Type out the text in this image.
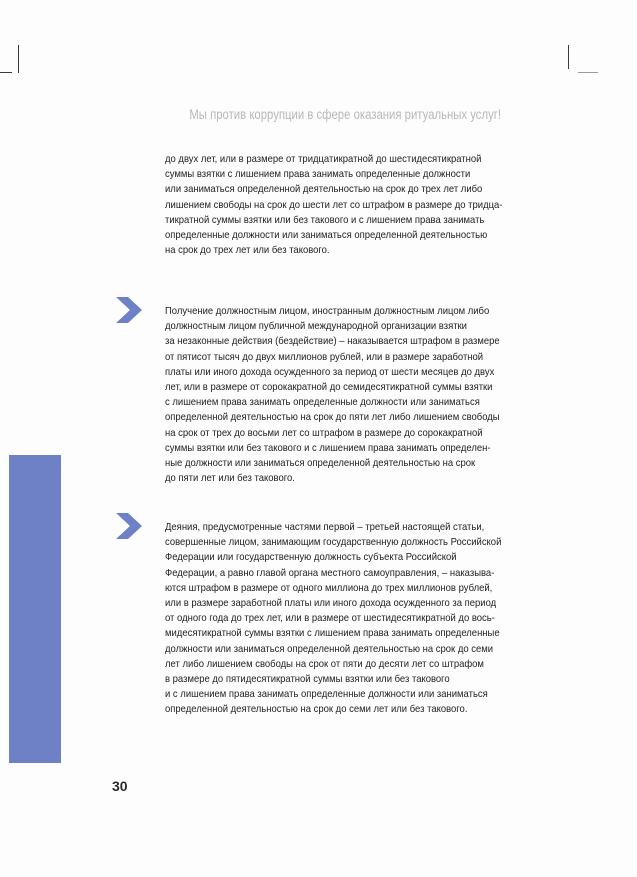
Мы против коррупции в сфере оказания ритуальных услуг!

до двух лет, или в размере от тридцатикратной до шестидесятикратной
суммы взятки с лишением права занимать определенные должности
или заниматься определенной деятельностью на срок до трех лет либо
лишением свободы на срок до шести лет со штрафом в размере до тридца-
тикратной суммы взятки или без такового и с лишением права занимать
определенные должности или заниматься определенной деятельностью
на срок до трех лет или без такового.

Получение должностным лицом, иностранным должностным лицом либо
должностным лицом публичной международной организации взятки
за незаконные действия (бездействие) – наказывается штрафом в размере
от пятисот тысяч до двух миллионов рублей, или в размере заработной
платы или иного дохода осужденного за период от шести месяцев до двух
лет, или в размере от сорокакратной до семидесятикратной суммы взятки
с лишением права занимать определенные должности или заниматься
определенной деятельностью на срок до пяти лет либо лишением свободы
на срок от трех до восьми лет со штрафом в размере до сорокакратной
суммы взятки или без такового и с лишением права занимать определен-
ные должности или заниматься определенной деятельностью на срок
до пяти лет или без такового.

Деяния, предусмотренные частями первой – третьей настоящей статьи,
совершенные лицом, занимающим государственную должность Российской
Федерации или государственную должность субъекта Российской
Федерации, а равно главой органа местного самоуправления, – наказыва-
ются штрафом в размере от одного миллиона до трех миллионов рублей,
или в размере заработной платы или иного дохода осужденного за период
от одного года до трех лет, или в размере от шестидесятикратной до вось-
мидесятикратной суммы взятки с лишением права занимать определенные
должности или заниматься определенной деятельностью на срок до семи
лет либо лишением свободы на срок от пяти до десяти лет со штрафом
в размере до пятидесятикратной суммы взятки или без такового
и с лишением права занимать определенные должности или заниматься
определенной деятельностью на срок до семи лет или без такового.

30
